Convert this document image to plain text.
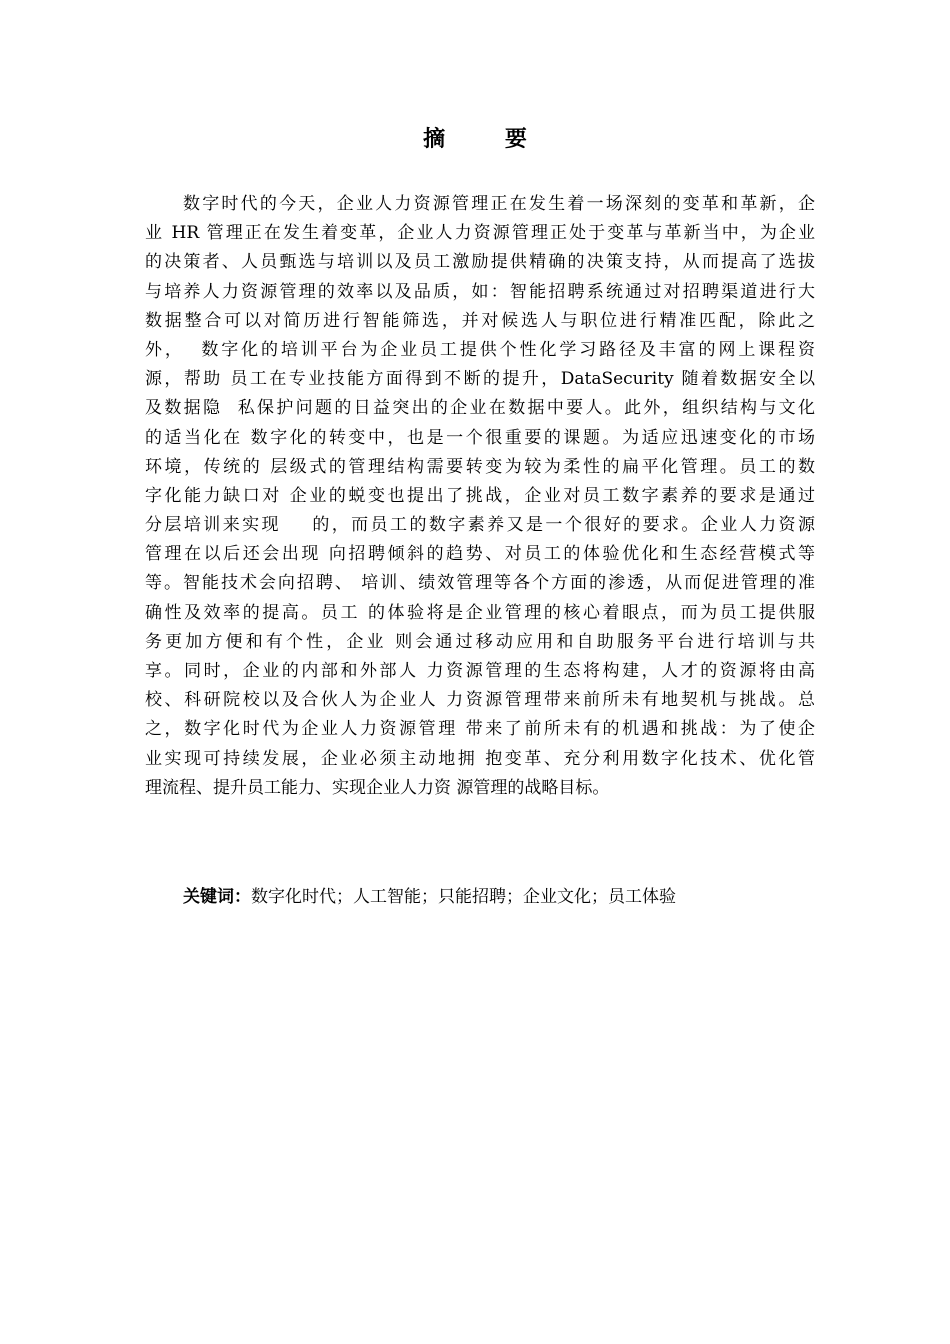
摘 要
数字时代的今天，企业人力资源管理正在发生着一场深刻的变革和革新，企
业 HR 管理正在发生着变革，企业人力资源管理正处于变革与革新当中，为企业
的决策者、人员甄选与培训以及员工激励提供精确的决策支持，从而提高了选拔
与培养人力资源管理的效率以及品质，如：智能招聘系统通过对招聘渠道进行大
数据整合可以对简历进行智能筛选，并对候选人与职位进行精准匹配，除此之
外，  数字化的培训平台为企业员工提供个性化学习路径及丰富的网上课程资
源，帮助 员工在专业技能方面得到不断的提升，DataSecurity 随着数据安全以
及数据隐  私保护问题的日益突出的企业在数据中要人。此外，组织结构与文化
的适当化在 数字化的转变中，也是一个很重要的课题。为适应迅速变化的市场
环境，传统的 层级式的管理结构需要转变为较为柔性的扁平化管理。员工的数
字化能力缺口对 企业的蜕变也提出了挑战，企业对员工数字素养的要求是通过
分层培训来实现    的，而员工的数字素养又是一个很好的要求。企业人力资源
管理在以后还会出现 向招聘倾斜的趋势、对员工的体验优化和生态经营模式等
等。智能技术会向招聘、 培训、绩效管理等各个方面的渗透，从而促进管理的准
确性及效率的提高。员工 的体验将是企业管理的核心着眼点，而为员工提供服
务更加方便和有个性，企业 则会通过移动应用和自助服务平台进行培训与共
享。同时，企业的内部和外部人 力资源管理的生态将构建，人才的资源将由高
校、科研院校以及合伙人为企业人 力资源管理带来前所未有地契机与挑战。总
之，数字化时代为企业人力资源管理 带来了前所未有的机遇和挑战：为了使企
业实现可持续发展，企业必须主动地拥 抱变革、充分利用数字化技术、优化管
理流程、提升员工能力、实现企业人力资 源管理的战略目标。
关键词：数字化时代；人工智能；只能招聘；企业文化；员工体验
